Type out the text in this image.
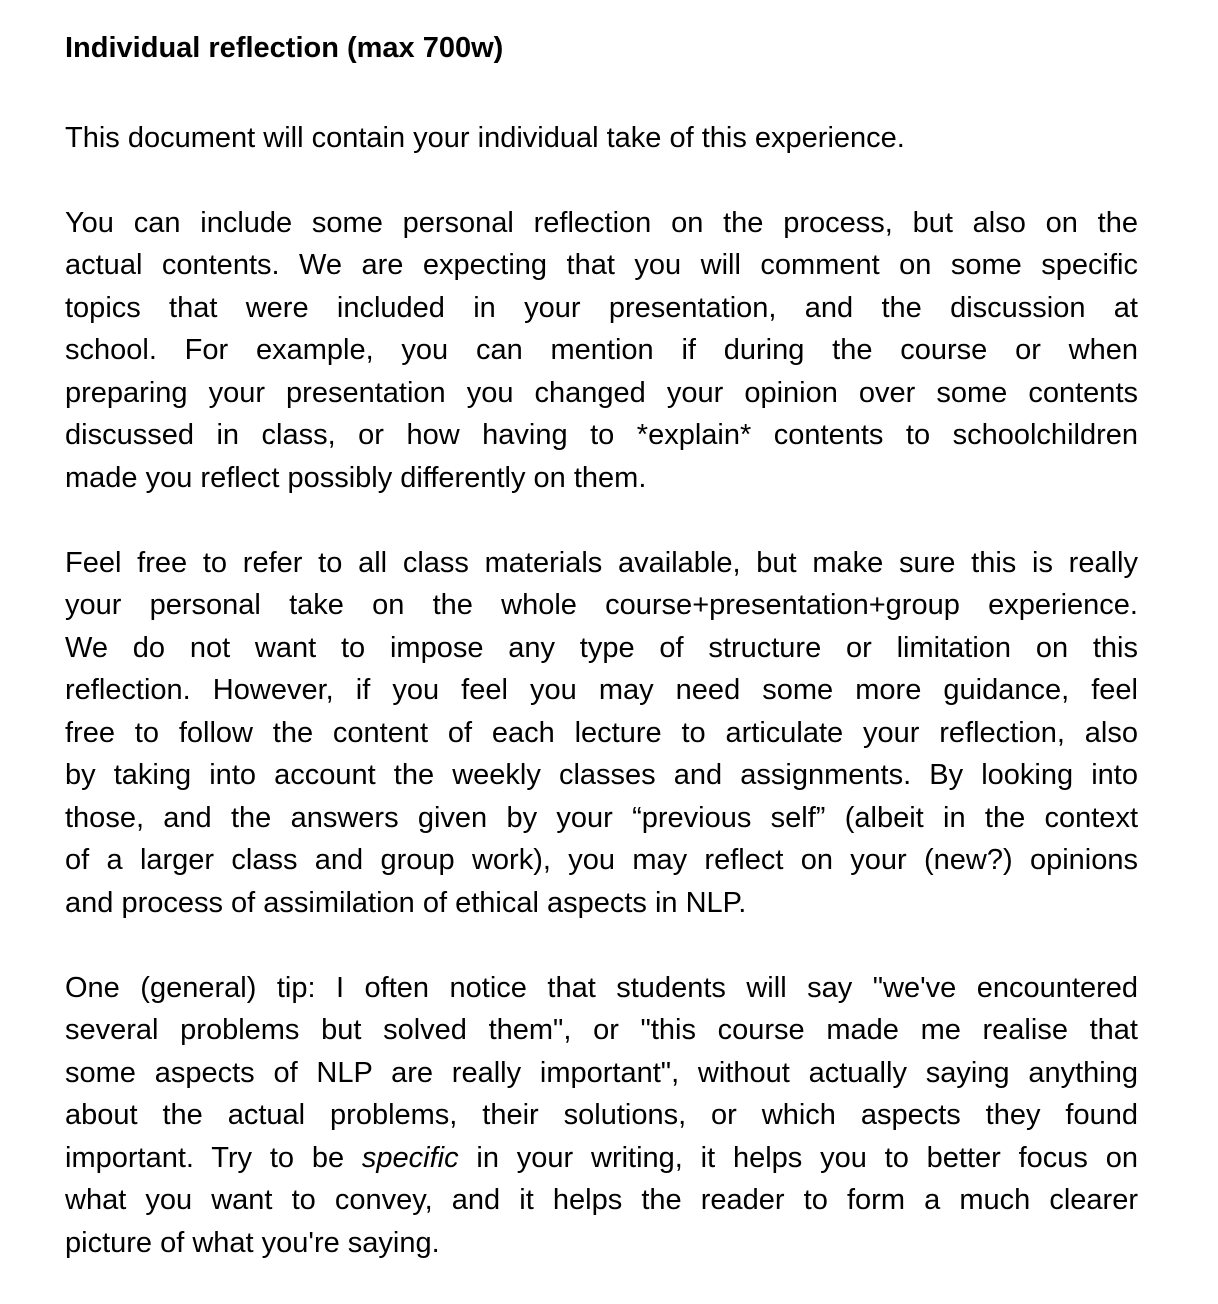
Individual reflection (max 700w)
This document will contain your individual take of this experience.
You can include some personal reflection on the process, but also on the
actual contents. We are expecting that you will comment on some specific
topics that were included in your presentation, and the discussion at
school. For example, you can mention if during the course or when
preparing your presentation you changed your opinion over some contents
discussed in class, or how having to *explain* contents to schoolchildren
made you reflect possibly differently on them.
Feel free to refer to all class materials available, but make sure this is really
your personal take on the whole course+presentation+group experience.
We do not want to impose any type of structure or limitation on this
reflection. However, if you feel you may need some more guidance, feel
free to follow the content of each lecture to articulate your reflection, also
by taking into account the weekly classes and assignments. By looking into
those, and the answers given by your “previous self” (albeit in the context
of a larger class and group work), you may reflect on your (new?) opinions
and process of assimilation of ethical aspects in NLP.
One (general) tip: I often notice that students will say "we've encountered
several problems but solved them", or "this course made me realise that
some aspects of NLP are really important", without actually saying anything
about the actual problems, their solutions, or which aspects they found
important. Try to be specific in your writing, it helps you to better focus on
what you want to convey, and it helps the reader to form a much clearer
picture of what you're saying.
